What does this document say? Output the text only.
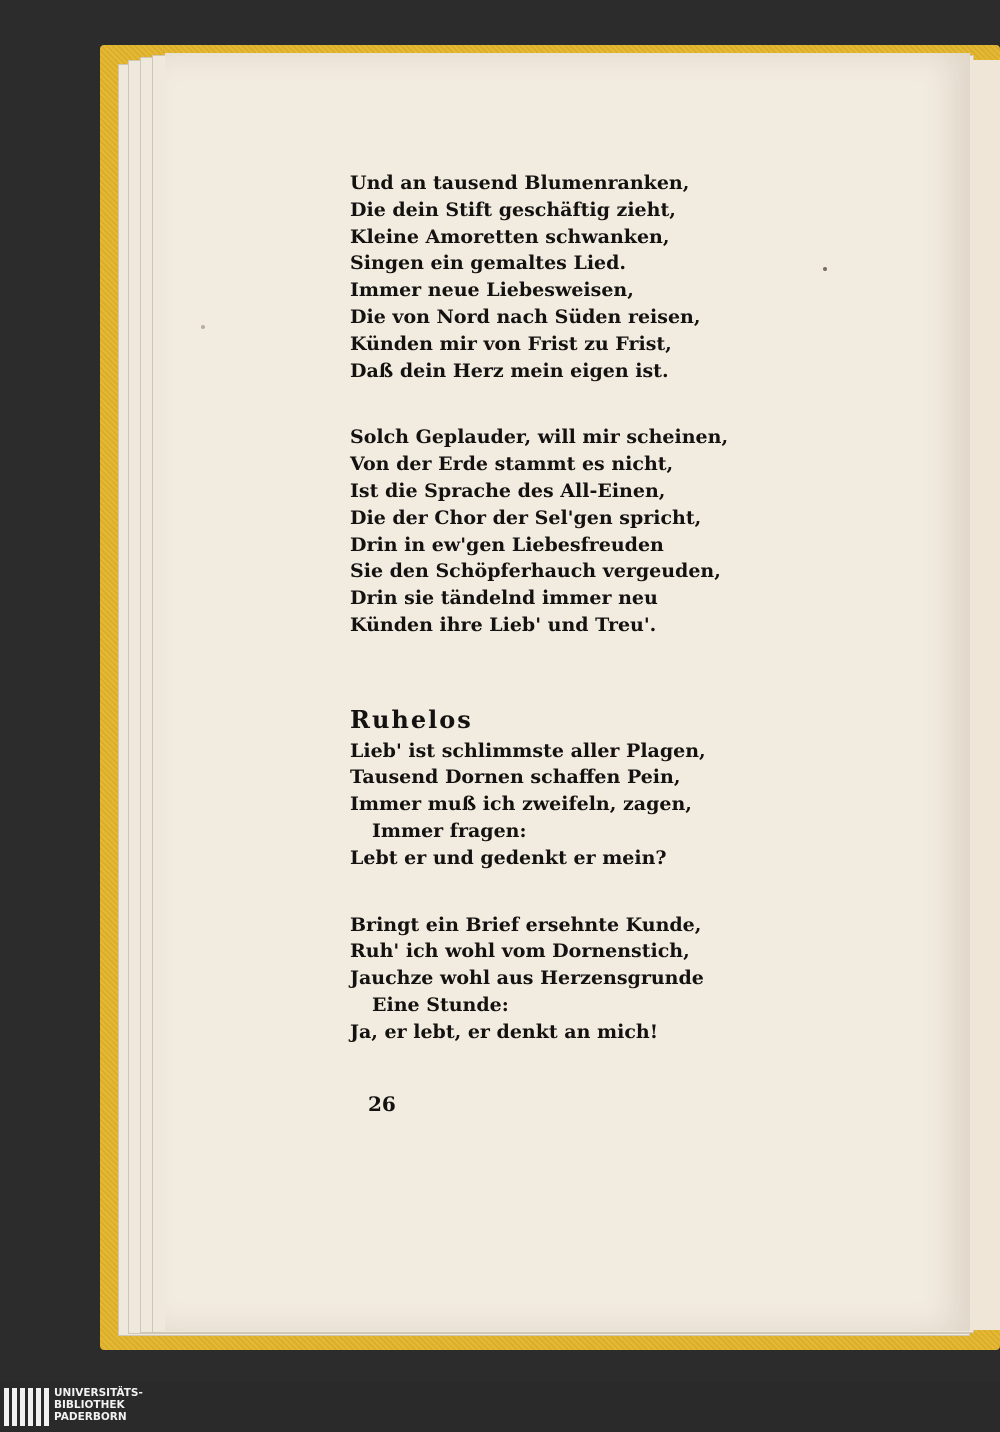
Und an tausend Blumenranken,
Die dein Stift geschäftig zieht,
Kleine Amoretten schwanken,
Singen ein gemaltes Lied.
Immer neue Liebesweisen,
Die von Nord nach Süden reisen,
Künden mir von Frist zu Frist,
Daß dein Herz mein eigen ist.
Solch Geplauder, will mir scheinen,
Von der Erde stammt es nicht,
Ist die Sprache des All-Einen,
Die der Chor der Sel'gen spricht,
Drin in ew'gen Liebesfreuden
Sie den Schöpferhauch vergeuden,
Drin sie tändelnd immer neu
Künden ihre Lieb' und Treu'.
Ruhelos
Lieb' ist schlimmste aller Plagen,
Tausend Dornen schaffen Pein,
Immer muß ich zweifeln, zagen,
Immer fragen:
Lebt er und gedenkt er mein?
Bringt ein Brief ersehnte Kunde,
Ruh' ich wohl vom Dornenstich,
Jauchze wohl aus Herzensgrunde
Eine Stunde:
Ja, er lebt, er denkt an mich!
26
UNIVERSITÄTS-
BIBLIOTHEK
PADERBORN
